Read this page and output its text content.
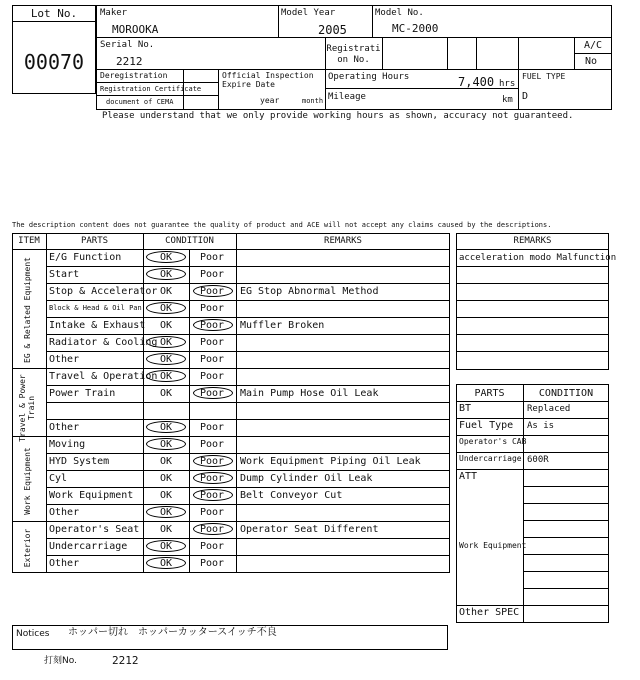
Lot No.
00070
Maker
MOROOKA
Model Year
2005
Model No.
MC-2000
Serial No.
2212
Registrati
on No.
A/C
No
Deregistration
Registration Certificate
document of CEMA
Official Inspection
Expire Date
year	month
Operating Hours	7,400 hrs
Mileage	km
FUEL TYPE
D
Please understand that we only provide working hours as shown, accuracy not guaranteed.
The description content does not guarantee the quality of product and ACE will not accept any claims caused by the descriptions.
ITEM	PARTS	CONDITION	REMARKS
EG & Related Equipment
Travel & Power
Train
Work Equipment
Exterior
E/G Function	OK	Poor
Start	OK	Poor
Stop & Accelerator OK	Poor	EG Stop Abnormal Method
Block & Head & Oil Pan	OK	Poor
Intake & Exhaust	OK	Poor	Muffler Broken
Radiator & Cooling OK	Poor
Other	OK	Poor
Travel & Operation OK	Poor
Power Train	OK	Poor	Main Pump Hose Oil Leak
Other	OK	Poor
Moving	OK	Poor
HYD System	OK	Poor	Work Equipment Piping Oil Leak
Cyl	OK	Poor	Dump Cylinder Oil Leak
Work Equipment	OK	Poor	Belt Conveyor Cut
Other	OK	Poor
Operator's Seat	OK	Poor	Operator Seat Different
Undercarriage	OK	Poor
Other	OK	Poor
REMARKS
acceleration modo Malfunction
PARTS	CONDITION
BT	Replaced
Fuel Type As is
Operator's CAB
Undercarriage 600R
ATT
Work Equipment
Other SPEC
Notices ホッパー切れ　ホッパーカッタースイッチ不良
打刻No.	2212
